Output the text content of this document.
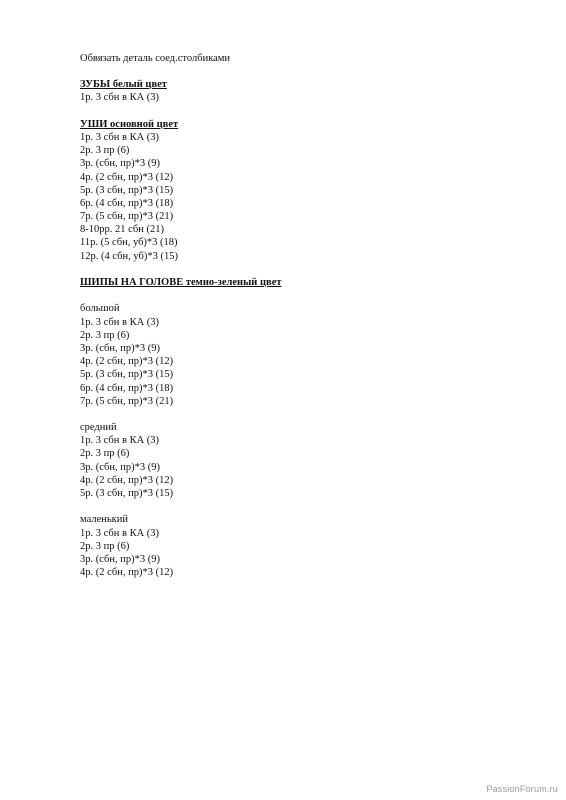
Обвязать деталь соед.столбиками
ЗУБЫ белый цвет
1р. 3 сбн в КА (3)
УШИ основной цвет
1р. 3 сбн в КА (3)
2р. 3 пр (6)
3р. (сбн, пр)*3 (9)
4р. (2 сбн, пр)*3 (12)
5р. (3 сбн, пр)*3 (15)
6р. (4 сбн, пр)*3 (18)
7р. (5 сбн, пр)*3 (21)
8-10рр. 21 сбн (21)
11р. (5 сбн, уб)*3 (18)
12р. (4 сбн, уб)*3 (15)
ШИПЫ НА ГОЛОВЕ темно-зеленый цвет
большой
1р. 3 сбн в КА (3)
2р. 3 пр (6)
3р. (сбн, пр)*3 (9)
4р. (2 сбн, пр)*3 (12)
5р. (3 сбн, пр)*3 (15)
6р. (4 сбн, пр)*3 (18)
7р. (5 сбн, пр)*3 (21)
средний
1р. 3 сбн в КА (3)
2р. 3 пр (6)
3р. (сбн, пр)*3 (9)
4р. (2 сбн, пр)*3 (12)
5р. (3 сбн, пр)*3 (15)
маленький
1р. 3 сбн в КА (3)
2р. 3 пр (6)
3р. (сбн, пр)*3 (9)
4р. (2 сбн, пр)*3 (12)
PassionForum.ru
